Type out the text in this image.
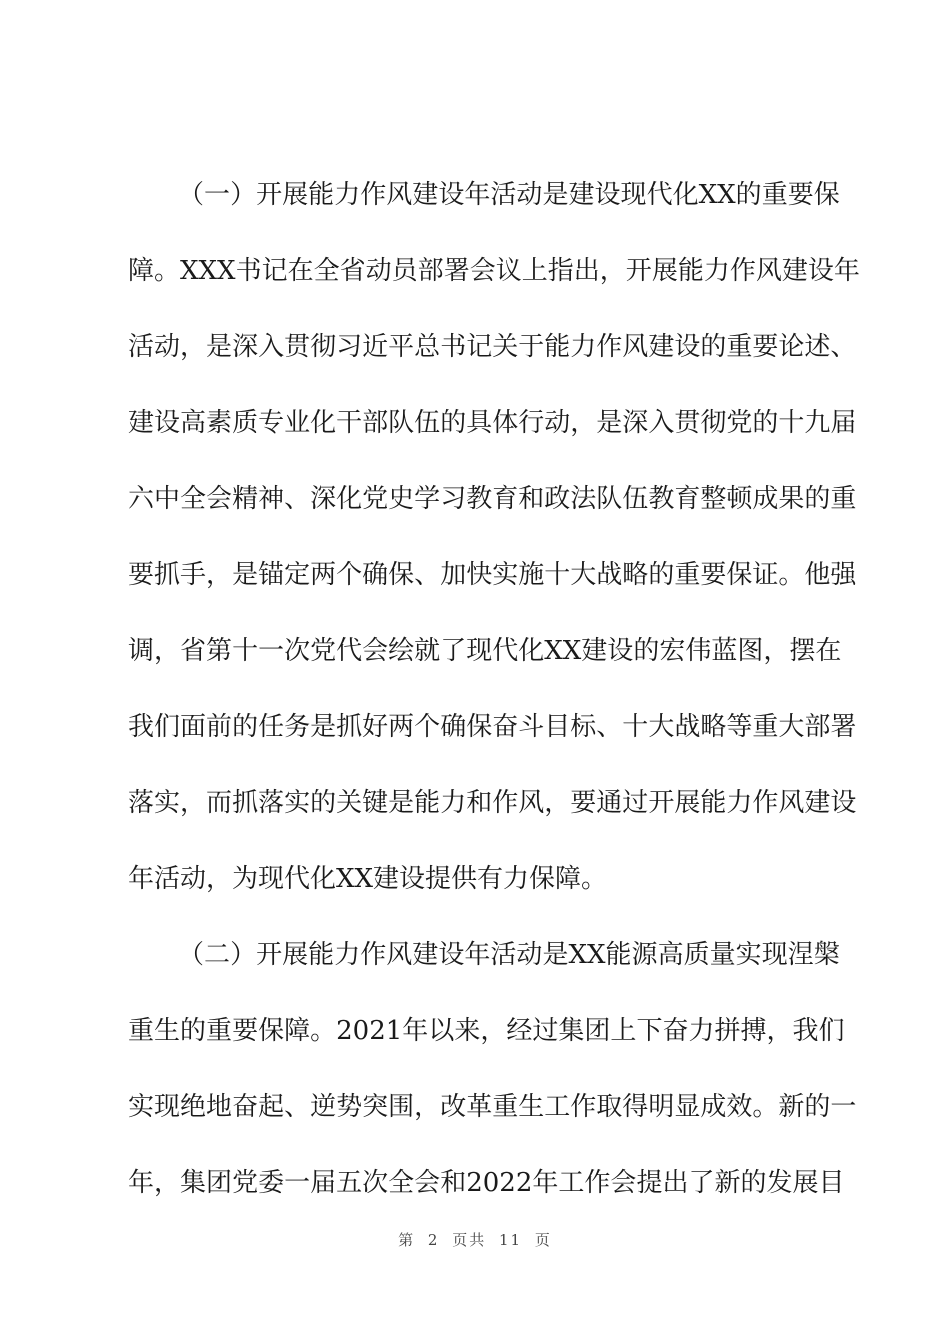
（ 一 ） 开 展 能 力 作 风 建 设 年 活 动 是 建 设 现 代 化 XX 的 重 要 保

障 。 XXX 书 记 在 全 省 动 员 部 署 会 议 上 指 出 ， 开 展 能 力 作 风 建 设 年

活 动 ， 是 深 入 贯 彻 习 近 平 总 书 记 关 于 能 力 作 风 建 设 的 重 要 论 述 、

建 设 高 素 质 专 业 化 干 部 队 伍 的 具 体 行 动 ， 是 深 入 贯 彻 党 的 十 九 届

六 中 全 会 精 神 、 深 化 党 史 学 习 教 育 和 政 法 队 伍 教 育 整 顿 成 果 的 重

要 抓 手 ， 是 锚 定 两 个 确 保 、 加 快 实 施 十 大 战 略 的 重 要 保 证 。 他 强

调 ， 省 第 十 一 次 党 代 会 绘 就 了 现 代 化 XX 建 设 的 宏 伟 蓝 图 ， 摆 在

我 们 面 前 的 任 务 是 抓 好 两 个 确 保 奋 斗 目 标 、 十 大 战 略 等 重 大 部 署

落 实 ， 而 抓 落 实 的 关 键 是 能 力 和 作 风 ， 要 通 过 开 展 能 力 作 风 建 设

年活动，为现代化XX建设提供有力保障。

（ 二 ） 开 展 能 力 作 风 建 设 年 活 动 是 XX 能 源 高 质 量 实 现 涅 槃

重 生 的 重 要 保 障 。 2021 年 以 来 ， 经 过 集 团 上 下 奋 力 拼 搏 ， 我 们

实 现 绝 地 奋 起 、 逆 势 突 围 ， 改 革 重 生 工 作 取 得 明 显 成 效 。 新 的 一

年 ， 集 团 党 委 一 届 五 次 全 会 和 2022 年 工 作 会 提 出 了 新 的 发 展 目

第 2 页共 11 页
